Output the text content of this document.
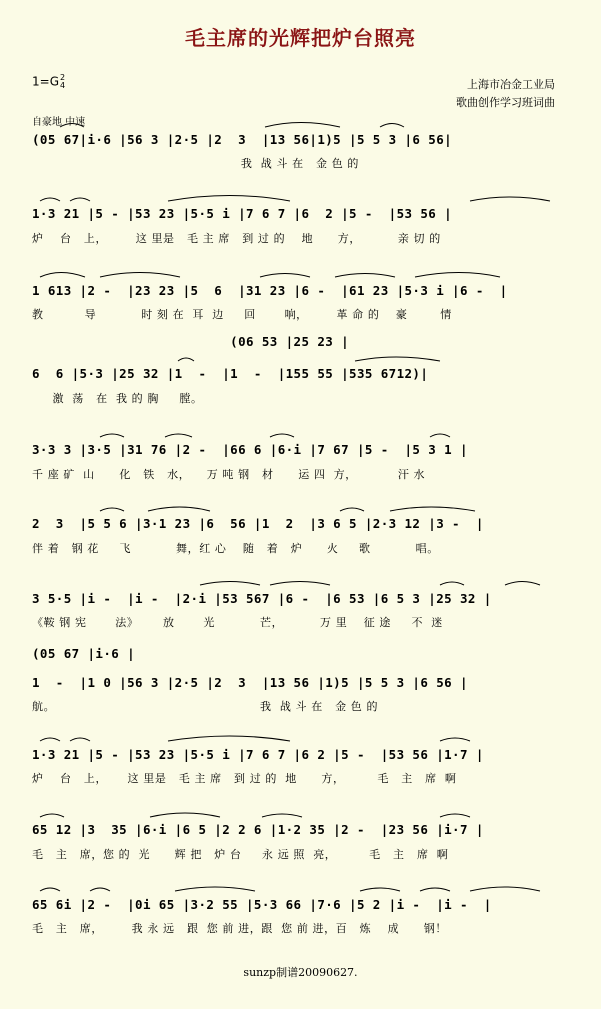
毛主席的光辉把炉台照亮
1=G2
4	上海市冶金工业局
歌曲创作学习班词曲
自豪地 中速
(05 67|i·6 |56 3 |2·5 |2  3  |13 56|1)5 |5 5 3 |6 56|
我  战 斗 在   金 色 的
1·3 21 |5 - |53 23 |5·5 i |7 6 7 |6  2 |5 -  |53 56 |
炉    台   上，       这 里是   毛 主 席   到 过 的    地      方，         亲 切 的
1 613 |2 -  |23 23 |5  6  |31 23 |6 -  |61 23 |5·3 i |6 -  |
教          导           时 刻 在  耳  边     回       响，       革 命 的    豪        情
(06 53 |25 23 |
6  6 |5·3 |25 32 |1  -  |1  -  |155 55 |535 6712)|
激  荡   在  我 的 胸     膛。
3·3 3 |3·5 |31 76 |2 -  |66 6 |6·i |7 67 |5 -  |5 3 1 |
千 座 矿  山      化   铁   水，    万 吨 钢   材      运 四  方，          汗 水
2  3  |5 5 6 |3·1 23 |6  56 |1  2  |3 6 5 |2·3 12 |3 -  |
伴 着   钢 花     飞           舞，红 心    随   着   炉      火     歌           唱。
3 5·5 |i -  |i -  |2·i |53 567 |6 -  |6 53 |6 5 3 |25 32 |
《鞍 钢 宪       法》      放       光           芒，         万 里    征 途     不  迷
(05 67 |i·6 |
1  -  |1 0 |56 3 |2·5 |2  3  |13 56 |1)5 |5 5 3 |6 56 |
航。                                                  我  战 斗 在   金 色 的
1·3 21 |5 - |53 23 |5·5 i |7 6 7 |6 2 |5 -  |53 56 |1·7 |
炉    台   上，     这 里是   毛 主 席   到 过 的  地      方，        毛   主   席  啊
65 12 |3  35 |6·i |6 5 |2 2 6 |1·2 35 |2 -  |23 56 |i·7 |
毛   主   席，您 的  光      辉 把   炉 台     永 远 照  亮，        毛   主   席  啊
65 6i |2 -  |0i 65 |3·2 55 |5·3 66 |7·6 |5 2 |i -  |i -  |
毛   主   席，       我 永 远   跟  您 前 进，跟  您 前 进，百   炼    成      钢！
sunzp制谱20090627.
